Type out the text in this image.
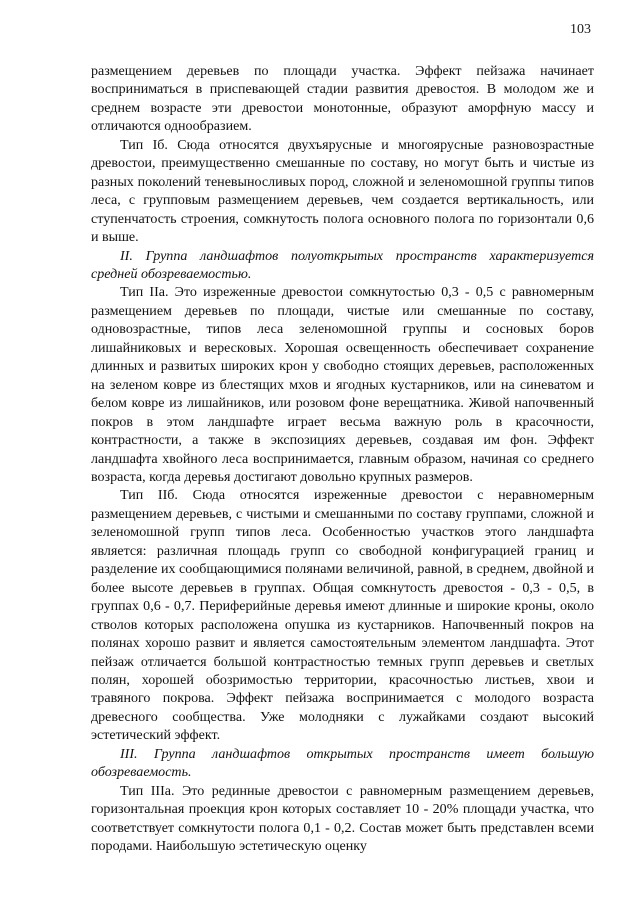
103

размещением деревьев по площади участка. Эффект пейзажа начинает восприниматься в приспевающей стадии развития древостоя. В молодом же и среднем возрасте эти древостои монотонные, образуют аморфную массу и отличаются однообразием.

Тип Iб. Сюда относятся двухъярусные и многоярусные разновозрастные древостои, преимущественно смешанные по составу, но могут быть и чистые из разных поколений теневыносливых пород, сложной и зеленомошной группы типов леса, с групповым размещением деревьев, чем создается вертикальность, или ступенчатость строения, сомкнутость полога основного полога по горизонтали 0,6 и выше.

II. Группа ландшафтов полуоткрытых пространств характеризуется средней обозреваемостью.

Тип IIа. Это изреженные древостои сомкнутостью 0,3 - 0,5 с равномерным размещением деревьев по площади, чистые или смешанные по составу, одновозрастные, типов леса зеленомошной группы и сосновых боров лишайниковых и вересковых. Хорошая освещенность обеспечивает сохранение длинных и развитых широких крон у свободно стоящих деревьев, расположенных на зеленом ковре из блестящих мхов и ягодных кустарников, или на синеватом и белом ковре из лишайников, или розовом фоне верещатника. Живой напочвенный покров в этом ландшафте играет весьма важную роль в красочности, контрастности, а также в экспозициях деревьев, создавая им фон. Эффект ландшафта хвойного леса воспринимается, главным образом, начиная со среднего возраста, когда деревья достигают довольно крупных размеров.

Тип IIб. Сюда относятся изреженные древостои с неравномерным размещением деревьев, с чистыми и смешанными по составу группами, сложной и зеленомошной групп типов леса. Особенностью участков этого ландшафта является: различная площадь групп со свободной конфигурацией границ и разделение их сообщающимися полянами величиной, равной, в среднем, двойной и более высоте деревьев в группах. Общая сомкнутость древостоя - 0,3 - 0,5, в группах 0,6 - 0,7. Периферийные деревья имеют длинные и широкие кроны, около стволов которых расположена опушка из кустарников. Напочвенный покров на полянах хорошо развит и является самостоятельным элементом ландшафта. Этот пейзаж отличается большой контрастностью темных групп деревьев и светлых полян, хорошей обозримостью территории, красочностью листьев, хвои и травяного покрова. Эффект пейзажа воспринимается с молодого возраста древесного сообщества. Уже молодняки с лужайками создают высокий эстетический эффект.

III. Группа ландшафтов открытых пространств имеет большую обозреваемость.

Тип IIIа. Это рединные древостои с равномерным размещением деревьев, горизонтальная проекция крон которых составляет 10 - 20% площади участка, что соответствует сомкнутости полога 0,1 - 0,2. Состав может быть представлен всеми породами. Наибольшую эстетическую оценку
